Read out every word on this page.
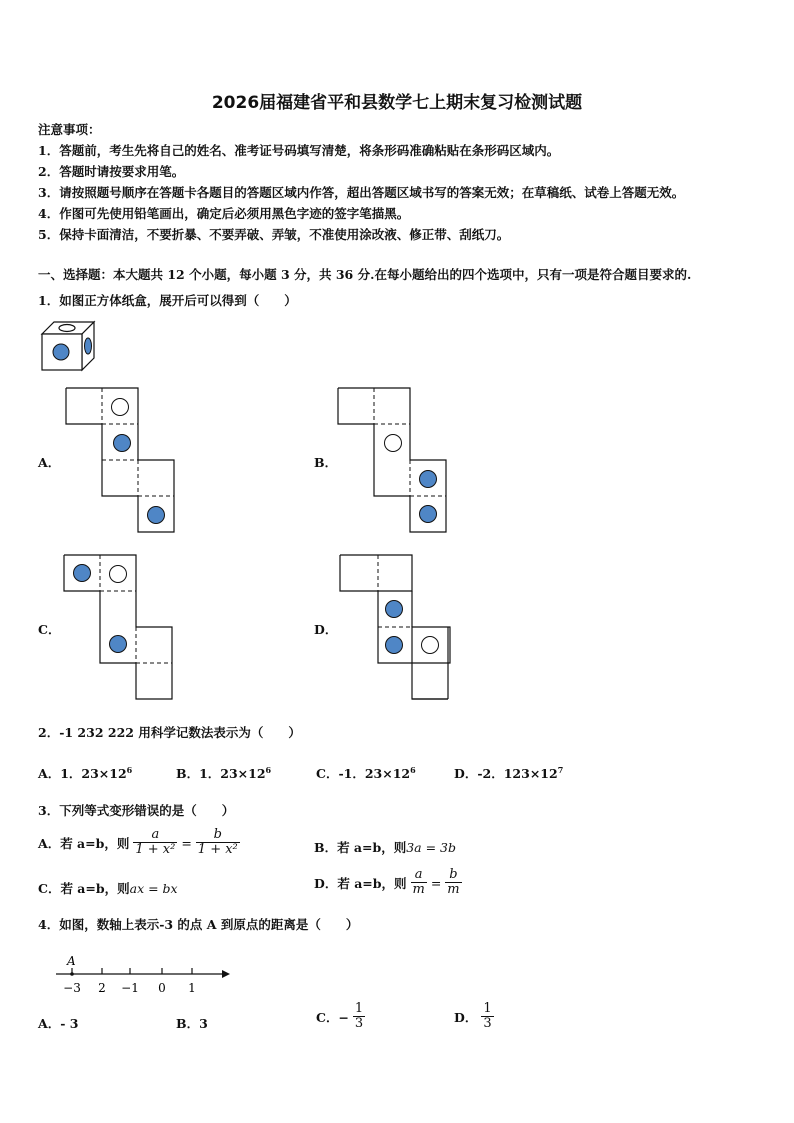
2026届福建省平和县数学七上期末复习检测试题
注意事项：
1．答题前，考生先将自己的姓名、准考证号码填写清楚，将条形码准确粘贴在条形码区域内。
2．答题时请按要求用笔。
3．请按照题号顺序在答题卡各题目的答题区域内作答，超出答题区域书写的答案无效；在草稿纸、试卷上答题无效。
4．作图可先使用铅笔画出，确定后必须用黑色字迹的签字笔描黑。
5．保持卡面清洁，不要折暴、不要弄破、弄皱，不准使用涂改液、修正带、刮纸刀。
一、选择题：本大题共 12 个小题，每小题 3 分，共 36 分.在每小题给出的四个选项中，只有一项是符合题目要求的.
1．如图正方体纸盒，展开后可以得到（　　）
A．	B．
C．	D．
2．-1 232 222 用科学记数法表示为（　　）
A．1．$23\times 12^6$	B．1．$23\times 12^6$	C．-1．$23\times 12^6$	D．-2．$123\times 12^7$
3．下列等式变形错误的是（　　）
A．若 a=b，则 $\frac{a}{\text{1 + x²}} = \frac{b}{\text{1 + x²}}$	B．若 a=b，则3a = 3b
C．若 a=b，则ax = bx	D．若 a=b，则 $\frac{a}{m} = \frac{b}{m}$
4．如图，数轴上表示-3 的点 A 到原点的距离是（　　）
A
−3 2 −1 0 1
A．- 3	B．3	C．− $\frac{1}{3}$	D． $\frac{1}{3}$
